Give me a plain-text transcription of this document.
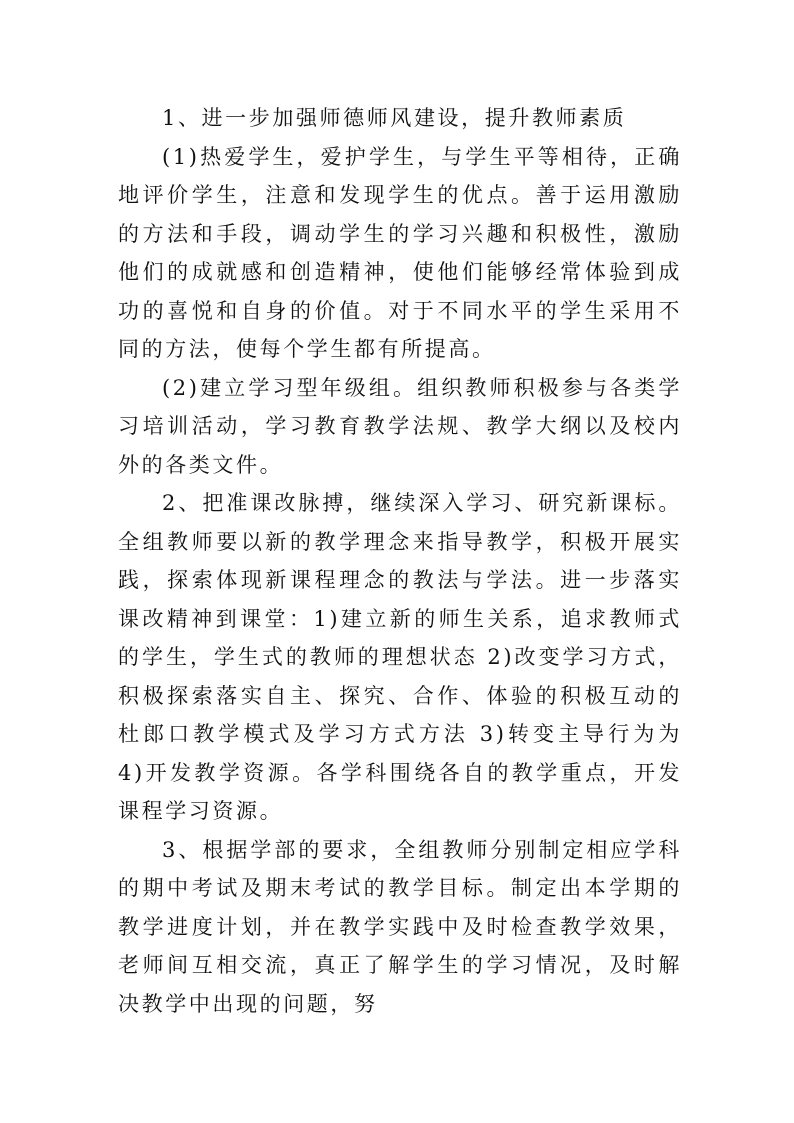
1、进一步加强师德师风建设，提升教师素质

(1)热爱学生，爱护学生，与学生平等相待，正确地评价学生，注意和发现学生的优点。善于运用激励的方法和手段，调动学生的学习兴趣和积极性，激励他们的成就感和创造精神，使他们能够经常体验到成功的喜悦和自身的价值。对于不同水平的学生采用不同的方法，使每个学生都有所提高。

(2)建立学习型年级组。组织教师积极参与各类学习培训活动，学习教育教学法规、教学大纲以及校内外的各类文件。

2、把准课改脉搏，继续深入学习、研究新课标。全组教师要以新的教学理念来指导教学，积极开展实践，探索体现新课程理念的教法与学法。进一步落实课改精神到课堂：1)建立新的师生关系，追求教师式的学生，学生式的教师的理想状态 2)改变学习方式，积极探索落实自主、探究、合作、体验的积极互动的杜郎口教学模式及学习方式方法 3)转变主导行为为 4)开发教学资源。各学科围绕各自的教学重点，开发课程学习资源。

3、根据学部的要求，全组教师分别制定相应学科的期中考试及期末考试的教学目标。制定出本学期的教学进度计划，并在教学实践中及时检查教学效果，老师间互相交流，真正了解学生的学习情况，及时解决教学中出现的问题，努
